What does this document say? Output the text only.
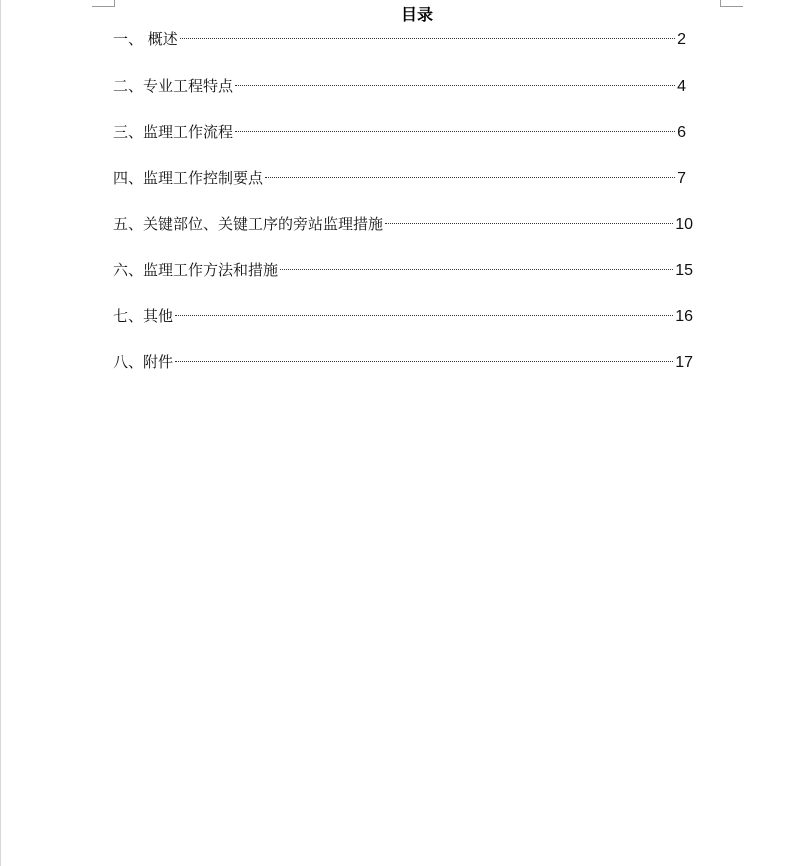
目录
一、 概述	2
二、专业工程特点	4
三、监理工作流程	6
四、监理工作控制要点	7
五、关键部位、关键工序的旁站监理措施	10
六、监理工作方法和措施	15
七、其他	16
八、附件	17
